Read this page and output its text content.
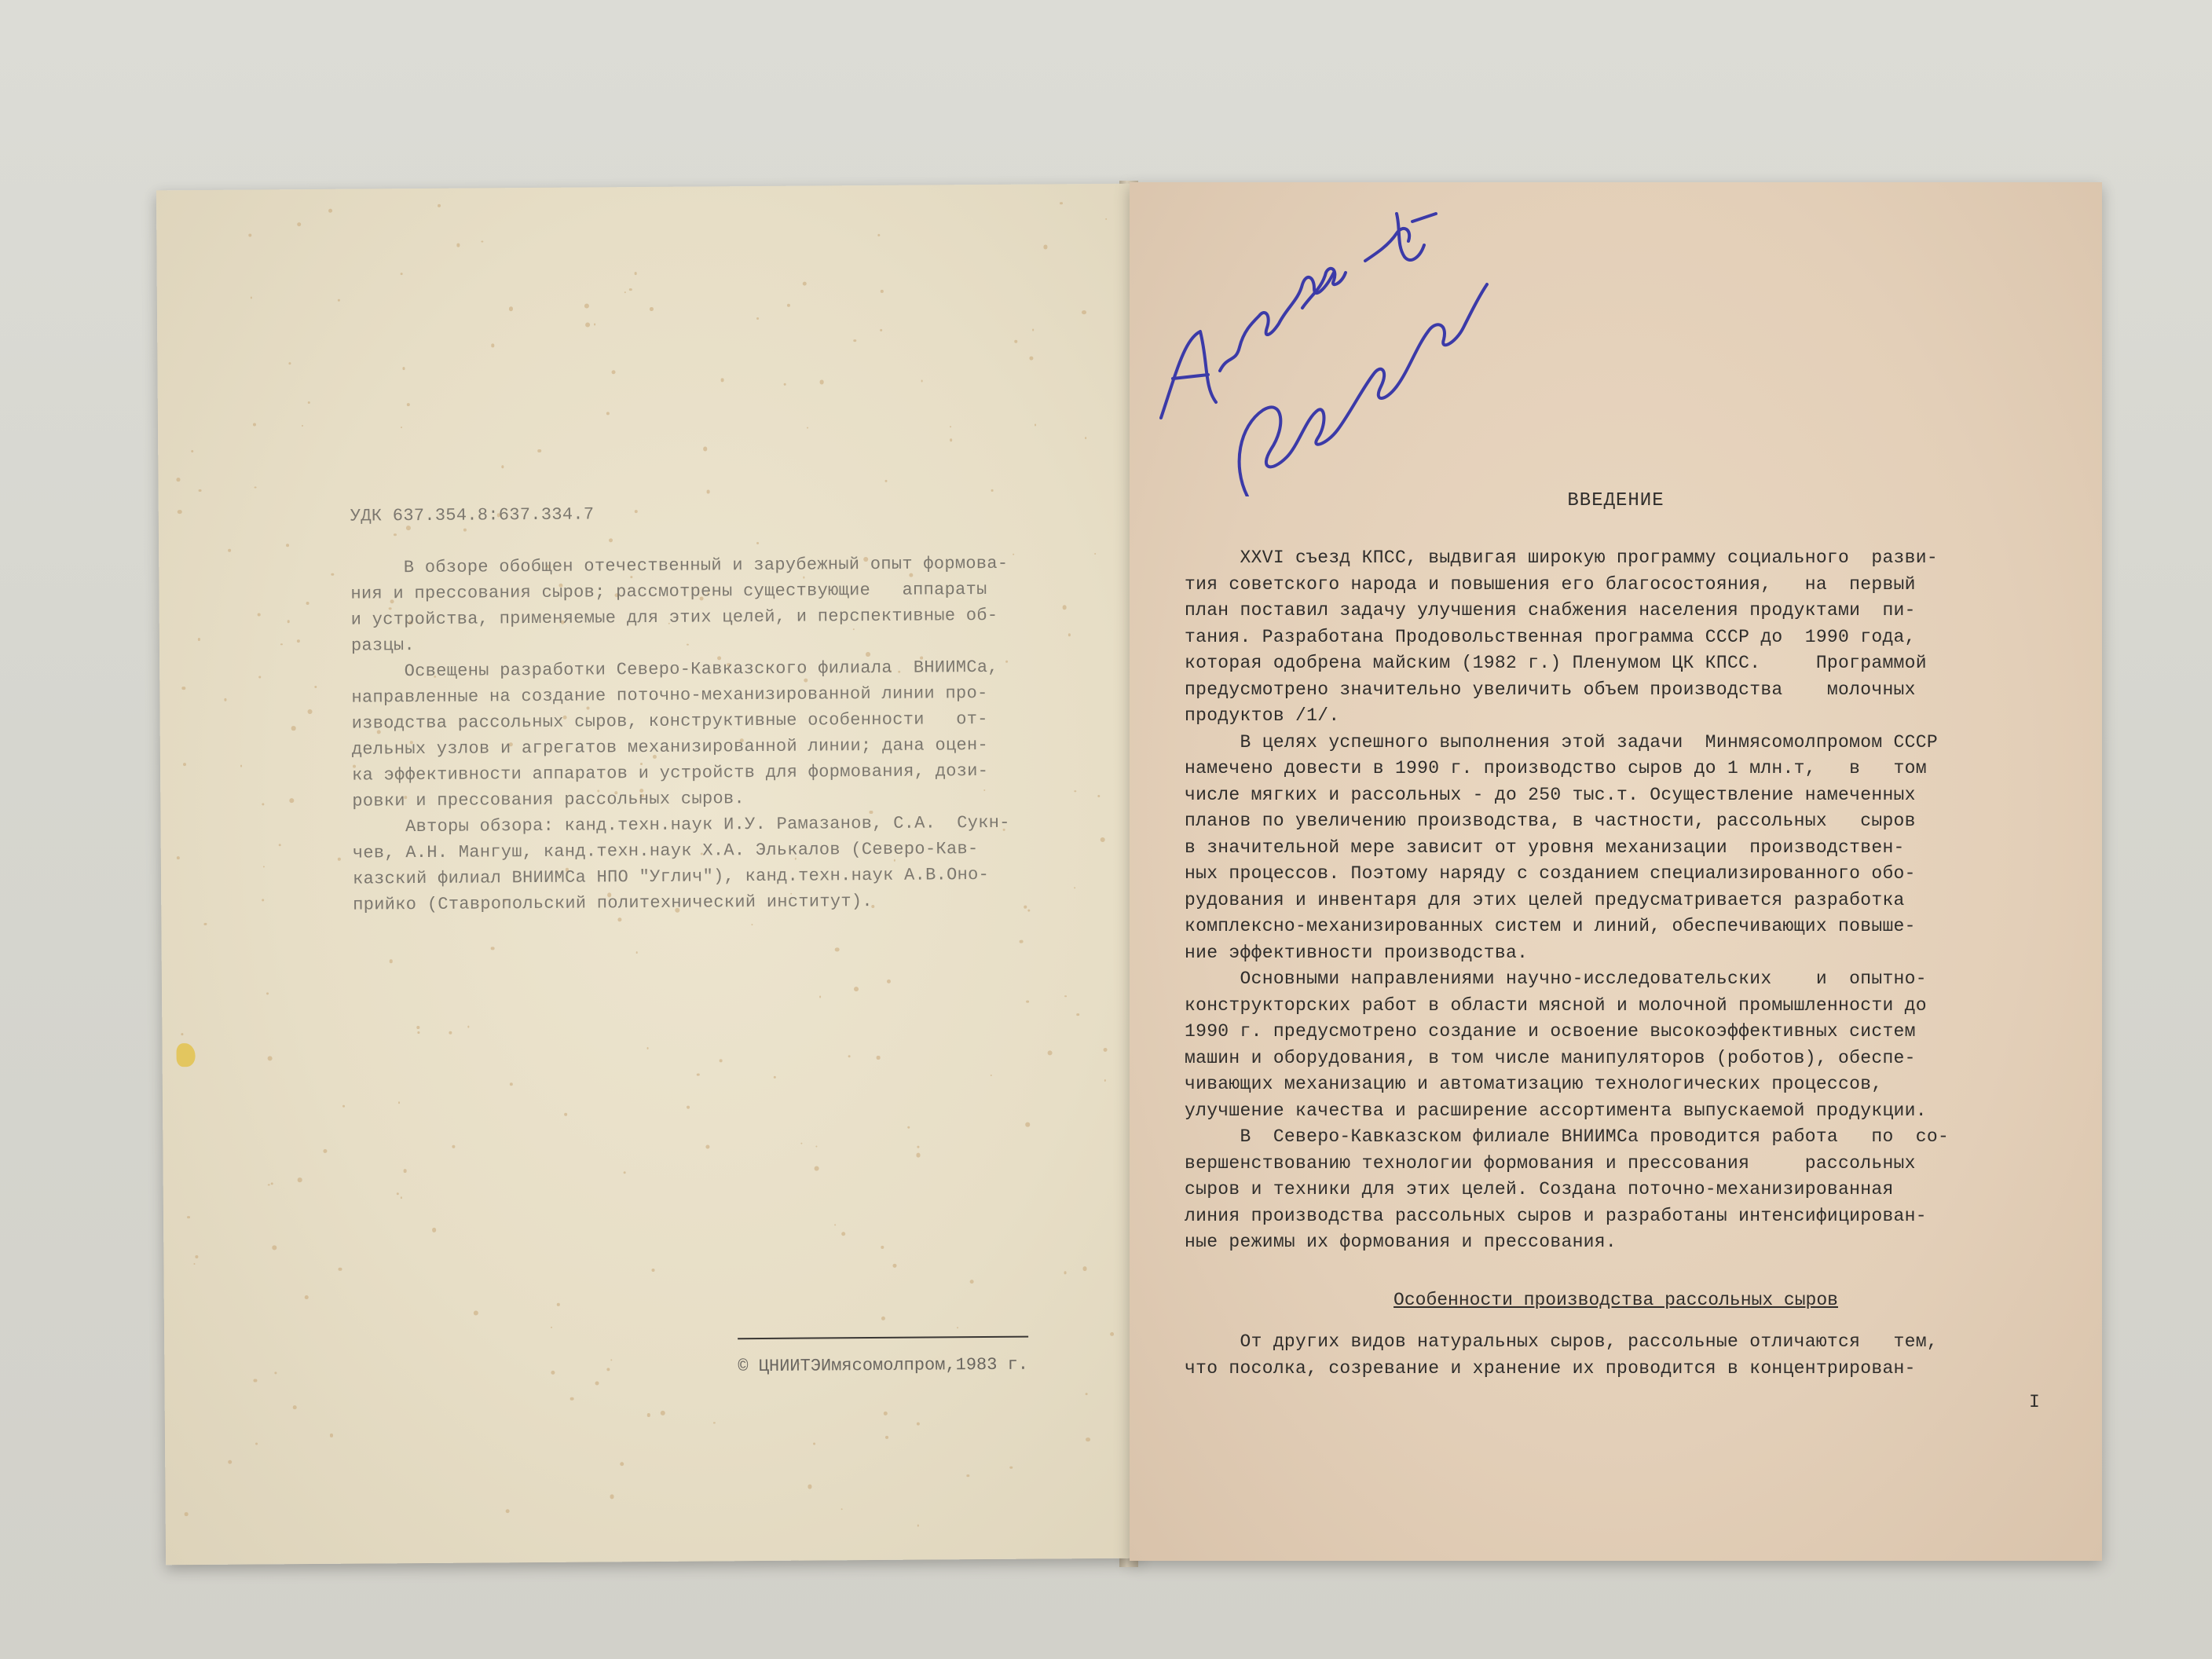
УДК 637.354.8:637.334.7

В обзоре обобщен отечественный и зарубежный опыт формова-
ния и прессования сыров; рассмотрены существующие   аппараты
и устройства, применяемые для этих целей, и перспективные об-
разцы.
Освещены разработки Северо-Кавказского филиала  ВНИИМСа,
направленные на создание поточно-механизированной линии про-
изводства рассольных сыров, конструктивные особенности   от-
дельных узлов и агрегатов механизированной линии; дана оцен-
ка эффективности аппаратов и устройств для формования, дози-
ровки и прессования рассольных сыров.
Авторы обзора: канд.техн.наук И.У. Рамазанов, С.А.  Сукн-
чев, А.Н. Мангуш, канд.техн.наук Х.А. Элькалов (Северо-Кав-
казский филиал ВНИИМСа НПО "Углич"), канд.техн.наук А.В.Оно-
прийко (Ставропольский политехнический институт).
© ЦНИИТЭИмясомолпром,1983 г.
ВВЕДЕНИЕ
XXVI съезд КПСС, выдвигая широкую программу социального  разви-
тия советского народа и повышения его благосостояния,   на  первый
план поставил задачу улучшения снабжения населения продуктами  пи-
тания. Разработана Продовольственная программа СССР до  1990 года,
которая одобрена майским (1982 г.) Пленумом ЦК КПСС.     Программой
предусмотрено значительно увеличить объем производства    молочных
продуктов /1/.
В целях успешного выполнения этой задачи  Минмясомолпромом СССР
намечено довести в 1990 г. производство сыров до 1 млн.т,   в   том
числе мягких и рассольных - до 250 тыс.т. Осуществление намеченных
планов по увеличению производства, в частности, рассольных   сыров
в значительной мере зависит от уровня механизации  производствен-
ных процессов. Поэтому наряду с созданием специализированного обо-
рудования и инвентаря для этих целей предусматривается разработка
комплексно-механизированных систем и линий, обеспечивающих повыше-
ние эффективности производства.
Основными направлениями научно-исследовательских    и  опытно-
конструкторских работ в области мясной и молочной промышленности до
1990 г. предусмотрено создание и освоение высокоэффективных систем
машин и оборудования, в том числе манипуляторов (роботов), обеспе-
чивающих механизацию и автоматизацию технологических процессов,
улучшение качества и расширение ассортимента выпускаемой продукции.
В  Северо-Кавказском филиале ВНИИМСа проводится работа   по  со-
вершенствованию технологии формования и прессования     рассольных
сыров и техники для этих целей. Создана поточно-механизированная
линия производства рассольных сыров и разработаны интенсифицирован-
ные режимы их формования и прессования.
Особенности производства рассольных сыров
От других видов натуральных сыров, рассольные отличаются   тем,
что посолка, созревание и хранение их проводится в концентрирован-
I
